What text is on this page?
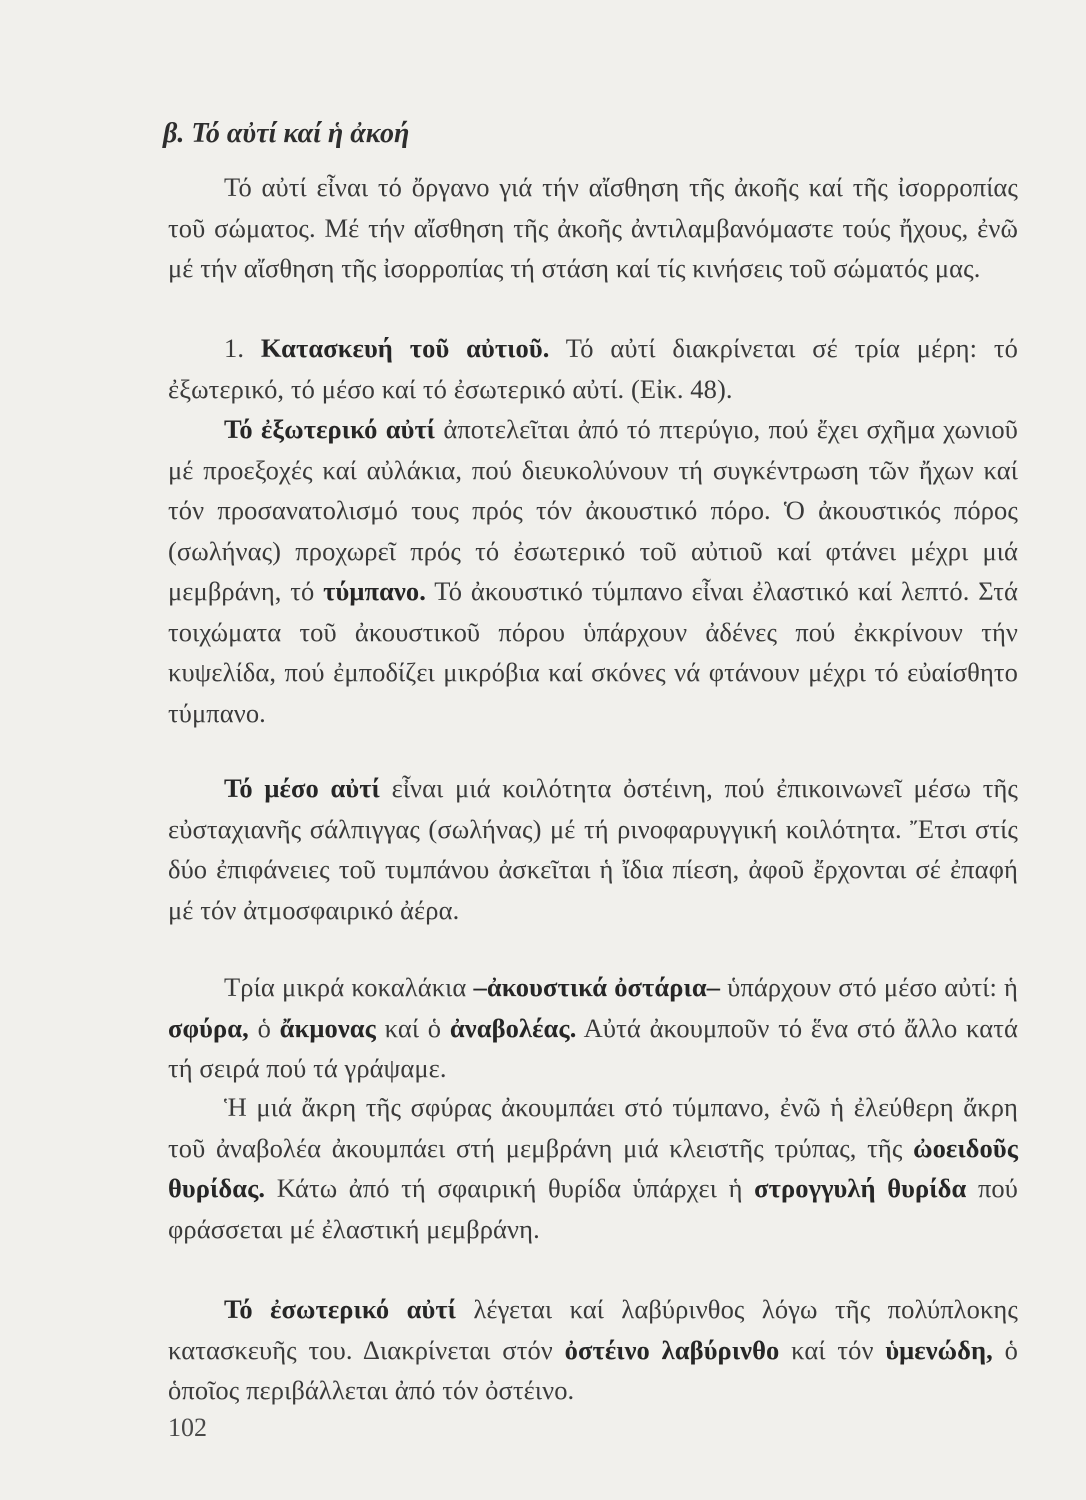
β. Τό αὐτί καί ἡ ἀκοή

Τό αὐτί εἶναι τό ὄργανο γιά τήν αἴσθηση τῆς ἀκοῆς καί τῆς ἰσορροπίας τοῦ σώματος. Μέ τήν αἴσθηση τῆς ἀκοῆς ἀντιλαμβανόμαστε τούς ἤχους, ἐνῶ μέ τήν αἴσθηση τῆς ἰσορροπίας τή στάση καί τίς κινήσεις τοῦ σώματός μας.

1. Κατασκευή τοῦ αὐτιοῦ. Τό αὐτί διακρίνεται σέ τρία μέρη: τό ἐξωτερικό, τό μέσο καί τό ἐσωτερικό αὐτί. (Εἰκ. 48).

Τό ἐξωτερικό αὐτί ἀποτελεῖται ἀπό τό πτερύγιο, πού ἔχει σχῆμα χωνιοῦ μέ προεξοχές καί αὐλάκια, πού διευκολύνουν τή συγκέντρωση τῶν ἤχων καί τόν προσανατολισμό τους πρός τόν ἀκουστικό πόρο. Ὁ ἀκουστικός πόρος (σωλήνας) προχωρεῖ πρός τό ἐσωτερικό τοῦ αὐτιοῦ καί φτάνει μέχρι μιά μεμβράνη, τό τύμπανο. Τό ἀκουστικό τύμπανο εἶναι ἐλαστικό καί λεπτό. Στά τοιχώματα τοῦ ἀκουστικοῦ πόρου ὑπάρχουν ἀδένες πού ἐκκρίνουν τήν κυψελίδα, πού ἐμποδίζει μικρόβια καί σκόνες νά φτάνουν μέχρι τό εὐαίσθητο τύμπανο.

Τό μέσο αὐτί εἶναι μιά κοιλότητα ὀστέινη, πού ἐπικοινωνεῖ μέσω τῆς εὐσταχιανῆς σάλπιγγας (σωλήνας) μέ τή ρινοφαρυγγική κοιλότητα. Ἔτσι στίς δύο ἐπιφάνειες τοῦ τυμπάνου ἀσκεῖται ἡ ἴδια πίεση, ἀφοῦ ἔρχονται σέ ἐπαφή μέ τόν ἀτμοσφαιρικό ἀέρα.

Τρία μικρά κοκαλάκια –ἀκουστικά ὀστάρια– ὑπάρχουν στό μέσο αὐτί: ἡ σφύρα, ὁ ἄκμονας καί ὁ ἀναβολέας. Αὐτά ἀκουμποῦν τό ἕνα στό ἄλλο κατά τή σειρά πού τά γράψαμε.

Ἡ μιά ἄκρη τῆς σφύρας ἀκουμπάει στό τύμπανο, ἐνῶ ἡ ἐλεύθερη ἄκρη τοῦ ἀναβολέα ἀκουμπάει στή μεμβράνη μιά κλειστῆς τρύπας, τῆς ὠοειδοῦς θυρίδας. Κάτω ἀπό τή σφαιρική θυρίδα ὑπάρχει ἡ στρογγυλή θυρίδα πού φράσσεται μέ ἐλαστική μεμβράνη.

Τό ἐσωτερικό αὐτί λέγεται καί λαβύρινθος λόγω τῆς πολύπλοκης κατασκευῆς του. Διακρίνεται στόν ὀστέινο λαβύρινθο καί τόν ὑμενώδη, ὁ ὁποῖος περιβάλλεται ἀπό τόν ὀστέινο.

102
